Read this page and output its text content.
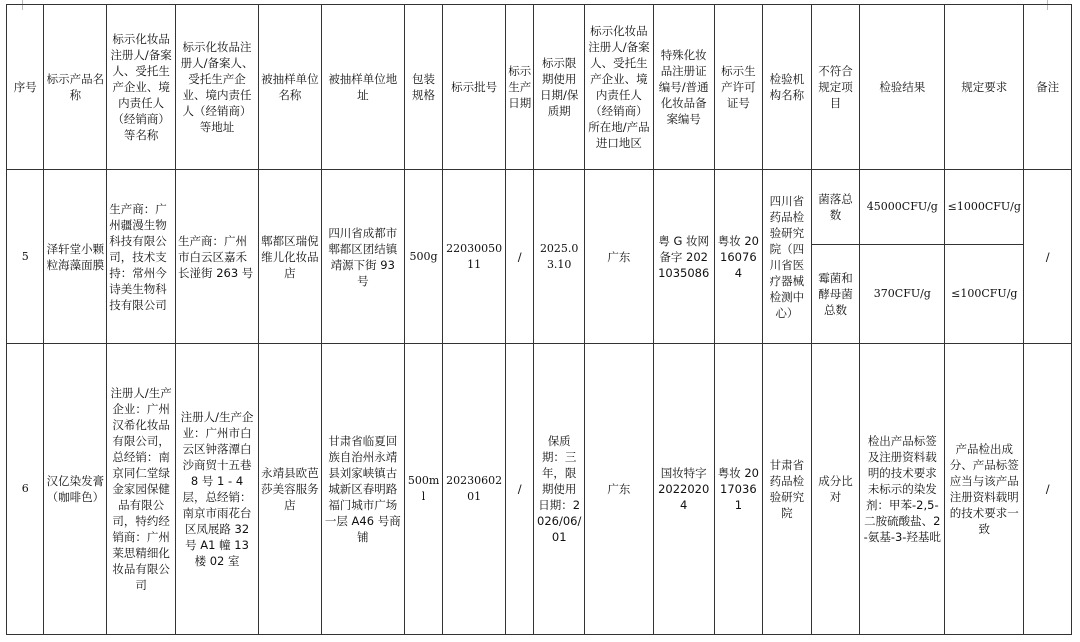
序号	标示产品名称	标示化妆品注册人/备案人、受托生产企业、境内责任人（经销商）等名称	标示化妆品注册人/备案人、受托生产企业、境内责任人（经销商）等地址	被抽样单位名称	被抽样单位地址	包装规格	标示批号	标示生产日期	标示限期使用日期/保质期	标示化妆品注册人/备案人、受托生产企业、境内责任人（经销商）所在地/产品进口地区	特殊化妆品注册证编号/普通化妆品备案编号	标示生产许可证号	检验机构名称	不符合规定项目	检验结果	规定要求	备注
5	泽轩堂小颗粒海藻面膜	生产商：广州疆漫生物科技有限公司，技术支持：常州今诗美生物科技有限公司	生产商：广州市白云区嘉禾长湴街 263 号	郫都区瑞倪维儿化妆品店	四川省成都市郫都区团结镇靖源下街 93 号	500g	2203005011	/	2025.03.10	广东	粤 G 妆网备字 2021035086	粤妆 20160764	四川省药品检验研究院（四川省医疗器械检测中心）	菌落总数	45000CFU/g	≤1000CFU/g	/
														霉菌和酵母菌总数	370CFU/g	≤100CFU/g	
6	汉亿染发膏（咖啡色）	注册人/生产企业：广州汉希化妆品有限公司，总经销：南京同仁堂绿金家园保健品有限公司，特约经销商：广州莱思精细化妆品有限公司	注册人/生产企业：广州市白云区钟落潭白沙商贸十五巷 8 号 1 - 4 层，总经销：南京市雨花台区凤展路 32 号 A1 幢 13 楼 02 室	永靖县欧芭莎美容服务店	甘肃省临夏回族自治州永靖县刘家峡镇古城新区春明路福门城市广场一层 A46 号商铺	500ml	2023060201	/	保质期：三年，限期使用日期：2026/06/01	广东	国妆特字 20220204	粤妆 20170361	甘肃省药品检验研究院	成分比对	检出产品标签及注册资料载明的技术要求未标示的染发剂：甲苯-2,5-二胺硫酸盐、2-氨基-3-羟基吡	产品检出成分、产品标签应当与该产品注册资料载明的技术要求一致	/
